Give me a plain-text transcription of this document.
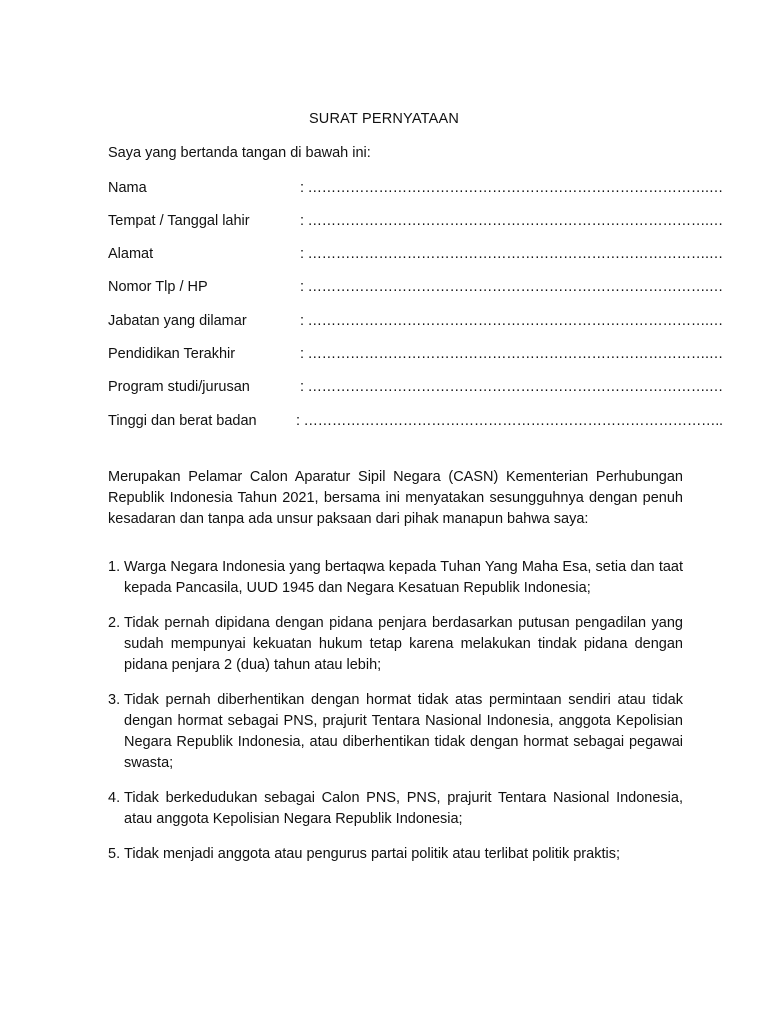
SURAT PERNYATAAN
Saya yang bertanda tangan di bawah ini:
Nama	: ………………………………………………………………………….…
Tempat / Tanggal lahir	: ………………………………………………………………………….…
Alamat	: ………………………………………………………………………….…
Nomor Tlp / HP	: ………………………………………………………………………….…
Jabatan yang dilamar	: ………………………………………………………………………….…
Pendidikan Terakhir	: ………………………………………………………………………….…
Program studi/jurusan	: ………………………………………………………………………….…
Tinggi dan berat badan	: ……………………………………………………………………………..
Merupakan Pelamar Calon Aparatur Sipil Negara (CASN) Kementerian Perhubungan Republik Indonesia Tahun 2021, bersama ini menyatakan sesungguhnya dengan penuh kesadaran dan tanpa ada unsur paksaan dari pihak manapun bahwa saya:
1. Warga Negara Indonesia yang bertaqwa kepada Tuhan Yang Maha Esa, setia dan taat kepada Pancasila, UUD 1945 dan Negara Kesatuan Republik Indonesia;
2. Tidak pernah dipidana dengan pidana penjara berdasarkan putusan pengadilan yang sudah mempunyai kekuatan hukum tetap karena melakukan tindak pidana dengan pidana penjara 2 (dua) tahun atau lebih;
3. Tidak pernah diberhentikan dengan hormat tidak atas permintaan sendiri atau tidak dengan hormat sebagai PNS, prajurit Tentara Nasional Indonesia, anggota Kepolisian Negara Republik Indonesia, atau diberhentikan tidak dengan hormat sebagai pegawai swasta;
4. Tidak berkedudukan sebagai Calon PNS, PNS, prajurit Tentara Nasional Indonesia, atau anggota Kepolisian Negara Republik Indonesia;
5. Tidak menjadi anggota atau pengurus partai politik atau terlibat politik praktis;
